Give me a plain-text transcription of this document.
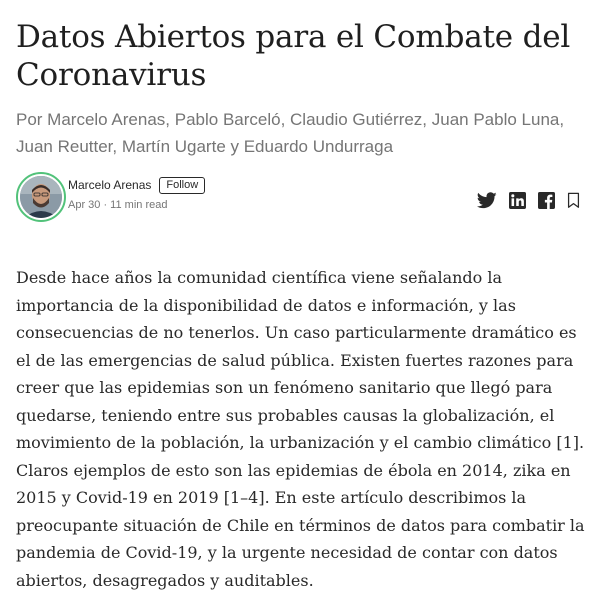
Datos Abiertos para el Combate del Coronavirus

Por Marcelo Arenas, Pablo Barceló, Claudio Gutiérrez, Juan Pablo Luna, Juan Reutter, Martín Ugarte y Eduardo Undurraga

Marcelo Arenas	Follow
Apr 30 · 11 min read

Desde hace años la comunidad científica viene señalando la importancia de la disponibilidad de datos e información, y las consecuencias de no tenerlos. Un caso particularmente dramático es el de las emergencias de salud pública. Existen fuertes razones para creer que las epidemias son un fenómeno sanitario que llegó para quedarse, teniendo entre sus probables causas la globalización, el movimiento de la población, la urbanización y el cambio climático [1]. Claros ejemplos de esto son las epidemias de ébola en 2014, zika en 2015 y Covid-19 en 2019 [1–4]. En este artículo describimos la preocupante situación de Chile en términos de datos para combatir la pandemia de Covid-19, y la urgente necesidad de contar con datos abiertos, desagregados y auditables.
